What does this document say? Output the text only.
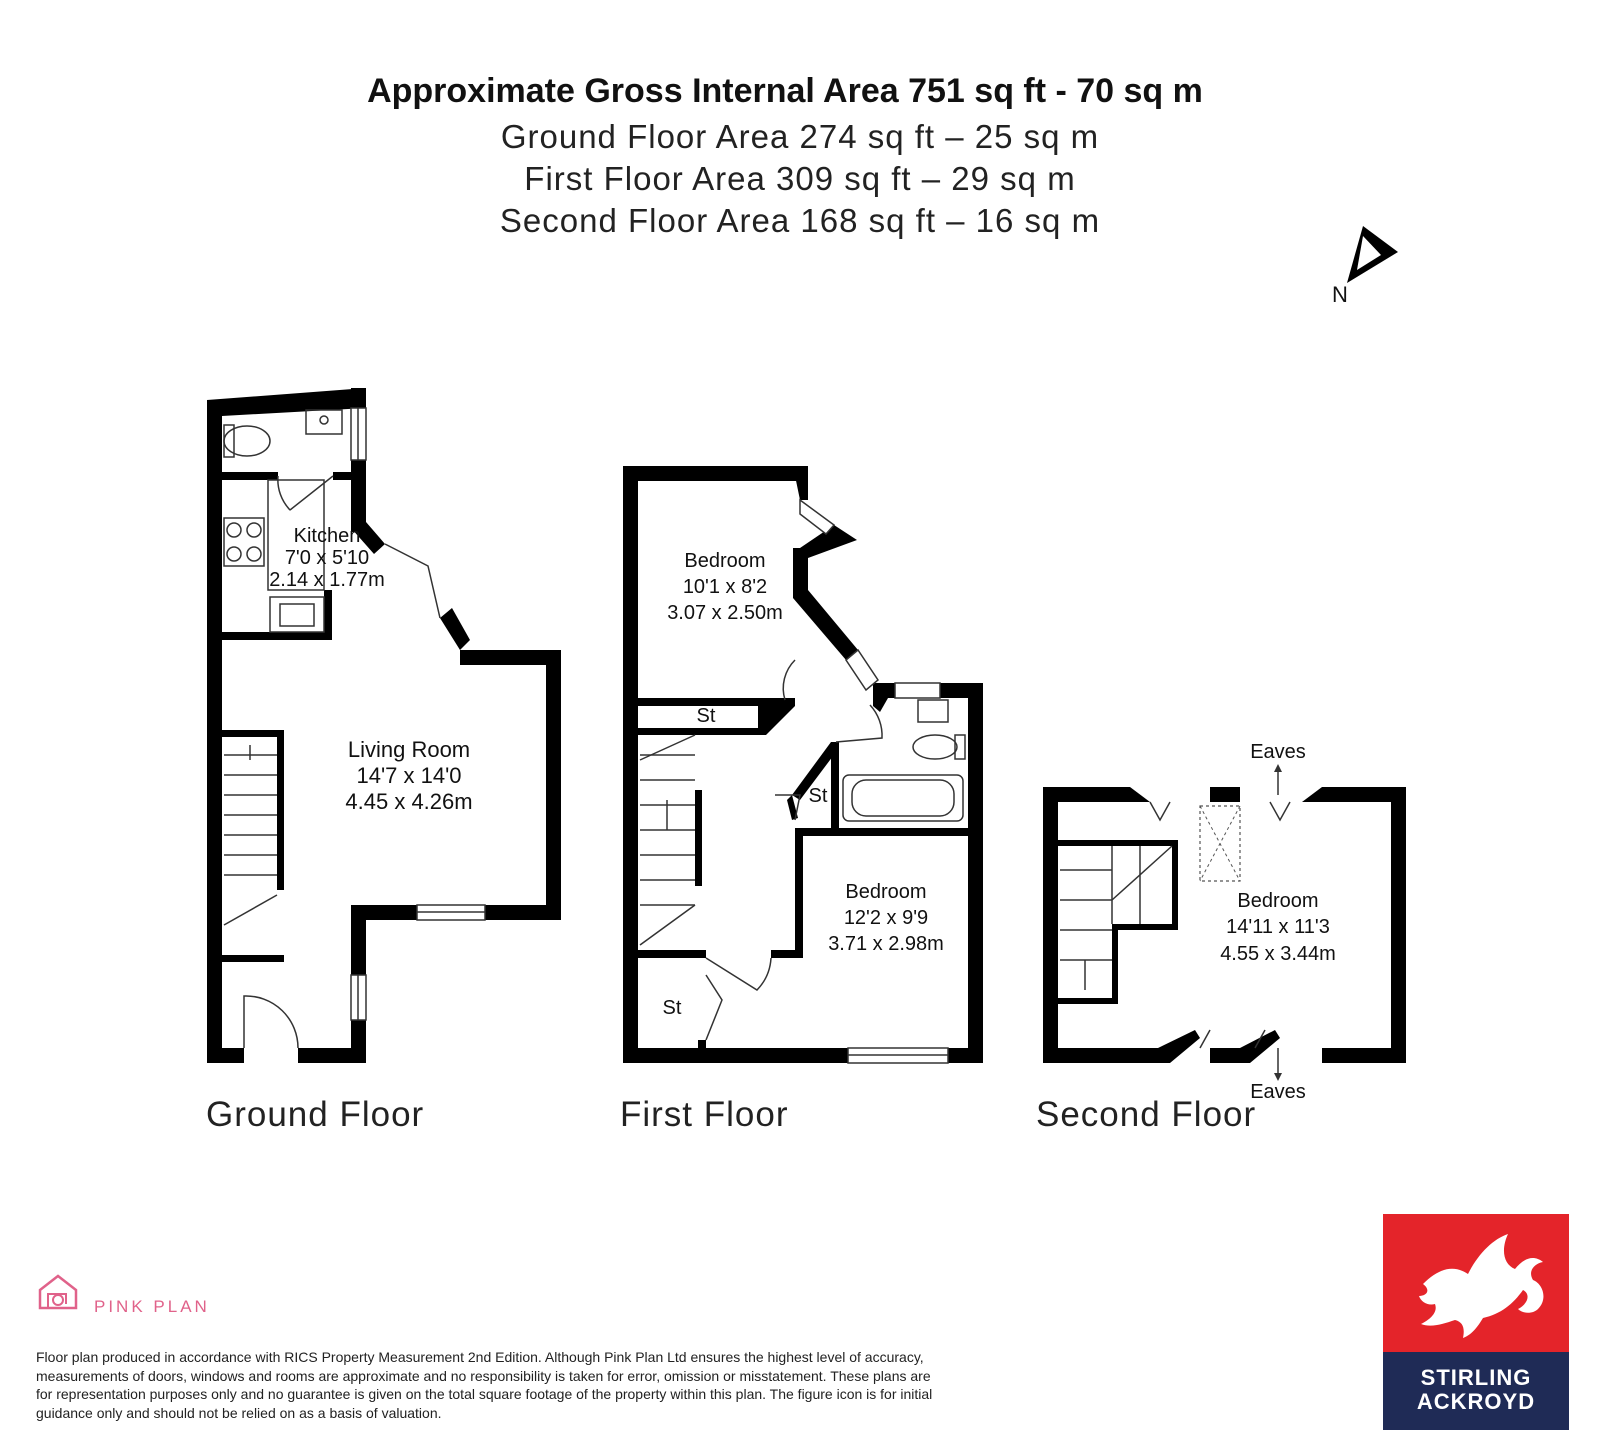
Approximate Gross Internal Area 751 sq ft - 70 sq m
Ground Floor Area 274 sq ft – 25 sq m
First Floor Area 309 sq ft – 29 sq m
Second Floor Area 168 sq ft – 16 sq m
N
Kitchen
7'0 x 5'10
2.14 x 1.77m
Living Room
14'7 x 14'0
4.45 x 4.26m
Bedroom
10'1 x 8'2
3.07 x 2.50m
St
St
St
Bedroom
12'2 x 9'9
3.71 x 2.98m
Eaves
Eaves
Bedroom
14'11 x 11'3
4.55 x 3.44m
Ground Floor	First Floor	Second Floor
PINK PLAN
Floor plan produced in accordance with RICS Property Measurement 2nd Edition. Although Pink Plan Ltd ensures the highest level of accuracy, measurements of doors, windows and rooms are approximate and no responsibility is taken for error, omission or misstatement. These plans are for representation purposes only and no guarantee is given on the total square footage of the property within this plan. The figure icon is for initial guidance only and should not be relied on as a basis of valuation.
STIRLING
ACKROYD
